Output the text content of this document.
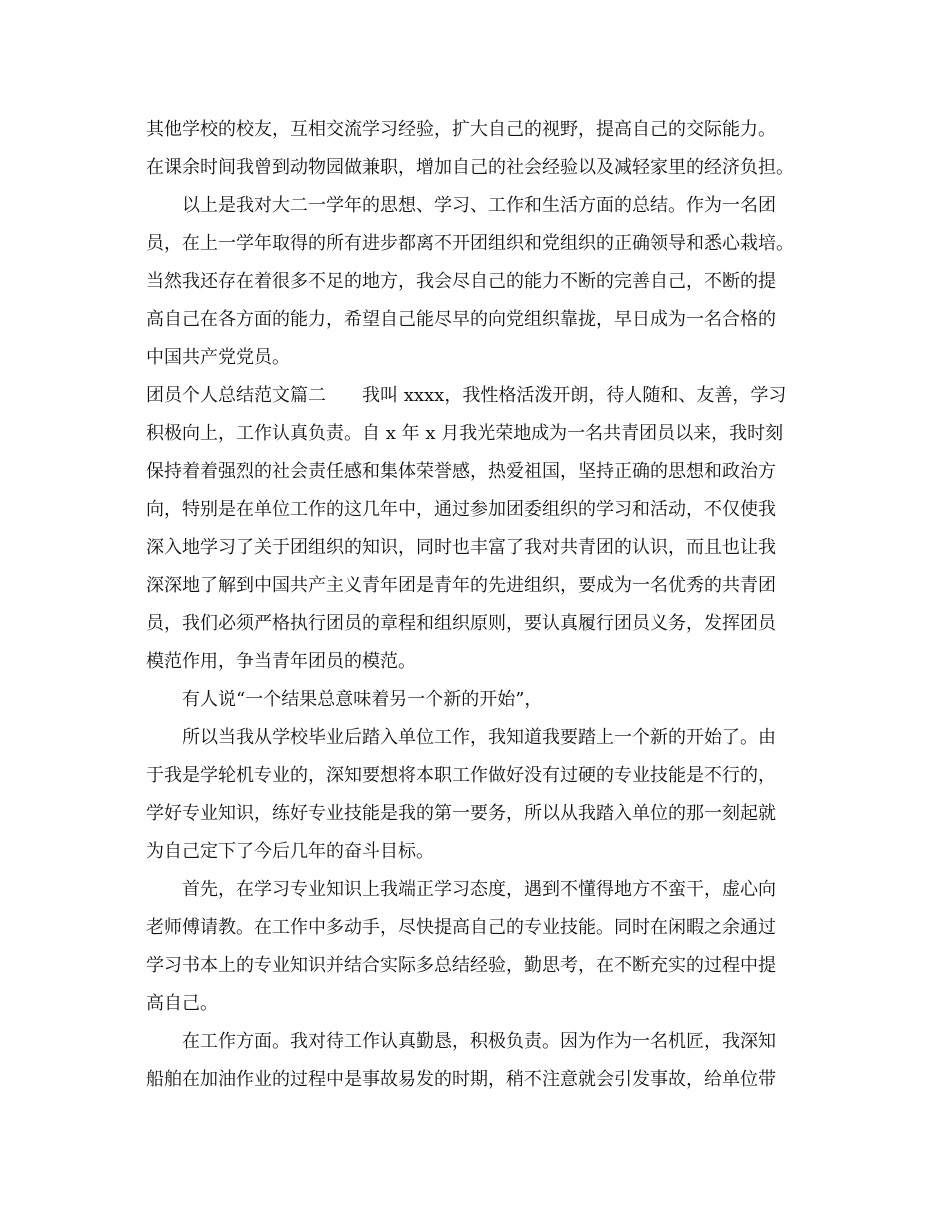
其他学校的校友，互相交流学习经验，扩大自己的视野，提高自己的交际能力。
在课余时间我曾到动物园做兼职，增加自己的社会经验以及减轻家里的经济负担。
以上是我对大二一学年的思想、学习、工作和生活方面的总结。作为一名团
员，在上一学年取得的所有进步都离不开团组织和党组织的正确领导和悉心栽培。
当然我还存在着很多不足的地方，我会尽自己的能力不断的完善自己，不断的提
高自己在各方面的能力，希望自己能尽早的向党组织靠拢，早日成为一名合格的
中国共产党党员。
团员个人总结范文篇二　　我叫 xxxx，我性格活泼开朗，待人随和、友善，学习
积极向上，工作认真负责。自 x 年 x 月我光荣地成为一名共青团员以来，我时刻
保持着着强烈的社会责任感和集体荣誉感，热爱祖国，坚持正确的思想和政治方
向，特别是在单位工作的这几年中，通过参加团委组织的学习和活动，不仅使我
深入地学习了关于团组织的知识，同时也丰富了我对共青团的认识，而且也让我
深深地了解到中国共产主义青年团是青年的先进组织，要成为一名优秀的共青团
员，我们必须严格执行团员的章程和组织原则，要认真履行团员义务，发挥团员
模范作用，争当青年团员的模范。
有人说“一个结果总意味着另一个新的开始”，
所以当我从学校毕业后踏入单位工作，我知道我要踏上一个新的开始了。由
于我是学轮机专业的，深知要想将本职工作做好没有过硬的专业技能是不行的，
学好专业知识，练好专业技能是我的第一要务，所以从我踏入单位的那一刻起就
为自己定下了今后几年的奋斗目标。
首先，在学习专业知识上我端正学习态度，遇到不懂得地方不蛮干，虚心向
老师傅请教。在工作中多动手，尽快提高自己的专业技能。同时在闲暇之余通过
学习书本上的专业知识并结合实际多总结经验，勤思考，在不断充实的过程中提
高自己。
在工作方面。我对待工作认真勤恳，积极负责。因为作为一名机匠，我深知
船舶在加油作业的过程中是事故易发的时期，稍不注意就会引发事故，给单位带
